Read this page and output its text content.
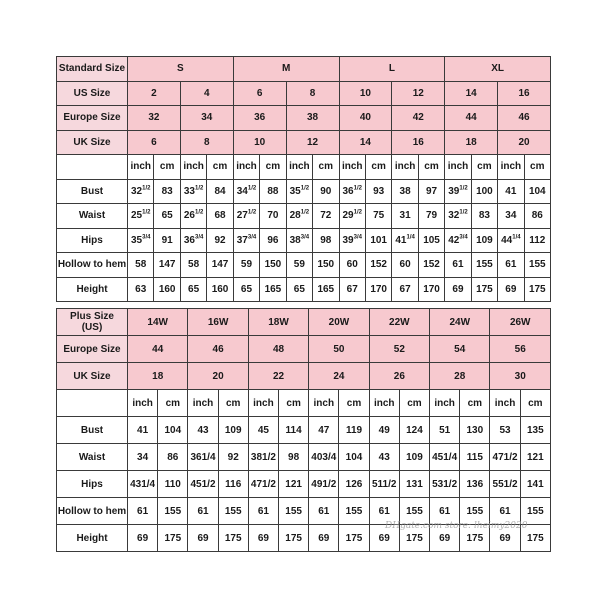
Standard Size	S				M				L				XL			
US Size	2		4		6		8		10		12		14		16	
Europe Size	32		34		36		38		40		42		44		46	
UK Size	6		8		10		12		14		16		18		20	
	inch	cm	inch	cm	inch	cm	inch	cm	inch	cm	inch	cm	inch	cm	inch	cm
Bust	$32^{1/2}$	83	$33^{1/2}$	84	$34^{1/2}$	88	$35^{1/2}$	90	$36^{1/2}$	93	38	97	$39^{1/2}$	100	41	104
Waist	$25^{1/2}$	65	$26^{1/2}$	68	$27^{1/2}$	70	$28^{1/2}$	72	$29^{1/2}$	75	31	79	$32^{1/2}$	83	34	86
Hips	$35^{3/4}$	91	$36^{3/4}$	92	$37^{3/4}$	96	$38^{3/4}$	98	$39^{3/4}$	101	$41^{1/4}$	105	$42^{3/4}$	109	$44^{1/4}$	112
Hollow to hem	58	147	58	147	59	150	59	150	60	152	60	152	61	155	61	155
Height	63	160	65	160	65	165	65	165	67	170	67	170	69	175	69	175
Plus Size
(US)	14W		16W		18W		20W		22W		24W		26W	
Europe Size	44		46		48		50		52		54		56	
UK Size	18		20		22		24		26		28		30	
	inch	cm	inch	cm	inch	cm	inch	cm	inch	cm	inch	cm	inch	cm
Bust	41	104	43	109	45	114	47	119	49	124	51	130	53	135
Waist	34	86	361/4	92	381/2	98	403/4	104	43	109	451/4	115	471/2	121
Hips	431/4	110	451/2	116	471/2	121	491/2	126	511/2	131	531/2	136	551/2	141
Hollow to hem	61	155	61	155	61	155	61	155	61	155	61	155	61	155
Height	69	175	69	175	69	175	69	175	69	175	69	175	69	175
DHgate.com store: lheimy2020
